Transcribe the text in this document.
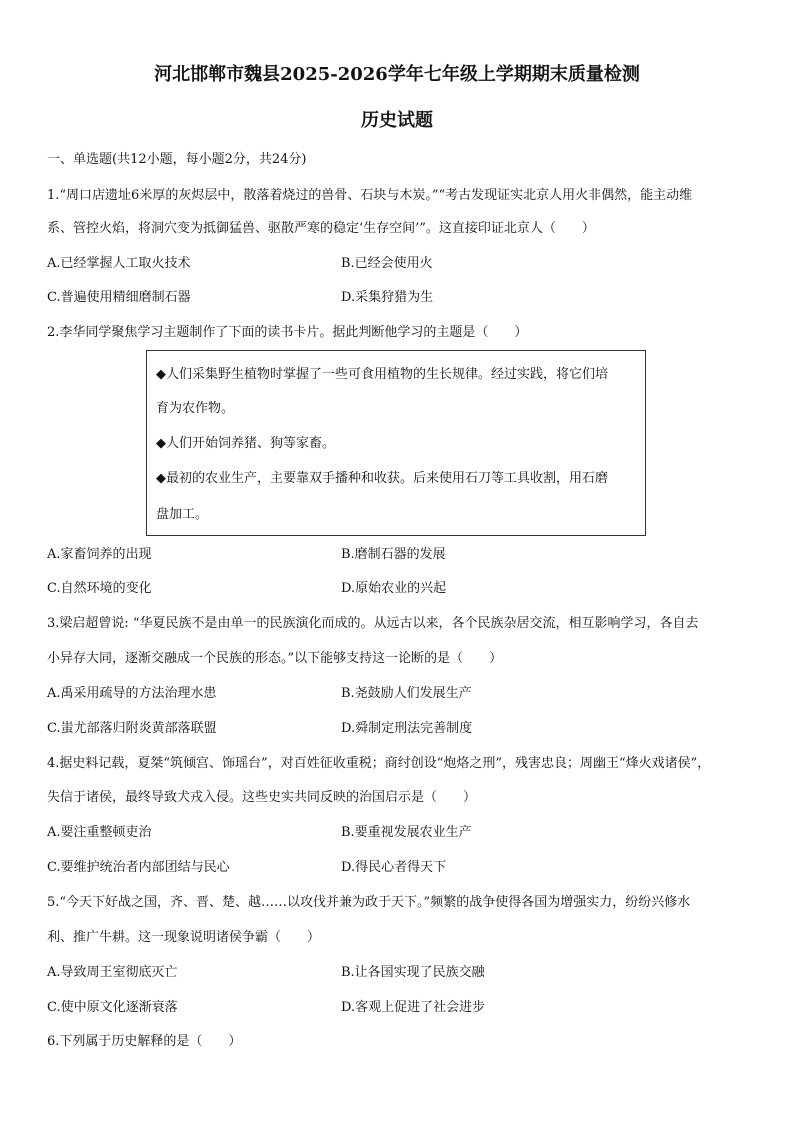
河北邯郸市魏县2025-2026学年七年级上学期期末质量检测
历史试题
一、单选题(共12小题，每小题2分，共24分)
1.“周口店遗址6米厚的灰烬层中，散落着烧过的兽骨、石块与木炭。”“考古发现证实北京人用火非偶然，能主动维
系、管控火焰，将洞穴变为抵御猛兽、驱散严寒的稳定‘生存空间’”。这直接印证北京人（　　）
A.已经掌握人工取火技术	B.已经会使用火
C.普遍使用精细磨制石器	D.采集狩猎为生
2.李华同学聚焦学习主题制作了下面的读书卡片。据此判断他学习的主题是（　　）
◆人们采集野生植物时掌握了一些可食用植物的生长规律。经过实践，将它们培
育为农作物。
◆人们开始饲养猪、狗等家畜。
◆最初的农业生产，主要靠双手播种和收获。后来使用石刀等工具收割，用石磨
盘加工。
A.家畜饲养的出现	B.磨制石器的发展
C.自然环境的变化	D.原始农业的兴起
3.梁启超曾说: “华夏民族不是由单一的民族演化而成的。从远古以来，各个民族杂居交流，相互影响学习，各自去
小异存大同，逐渐交融成一个民族的形态。”以下能够支持这一论断的是（　　）
A.禹采用疏导的方法治理水患	B.尧鼓励人们发展生产
C.蚩尤部落归附炎黄部落联盟	D.舜制定刑法完善制度
4.据史料记载，夏桀“筑倾宫、饰瑶台”，对百姓征收重税；商纣创设“炮烙之刑”，残害忠良；周幽王“烽火戏诸侯”，
失信于诸侯，最终导致犬戎入侵。这些史实共同反映的治国启示是（　　）
A.要注重整顿吏治	B.要重视发展农业生产
C.要维护统治者内部团结与民心	D.得民心者得天下
5.“今天下好战之国，齐、晋、楚、越……以攻伐并兼为政于天下。”频繁的战争使得各国为增强实力，纷纷兴修水
利、推广牛耕。这一现象说明诸侯争霸（　　）
A.导致周王室彻底灭亡	B.让各国实现了民族交融
C.使中原文化逐渐衰落	D.客观上促进了社会进步
6.下列属于历史解释的是（　　）
